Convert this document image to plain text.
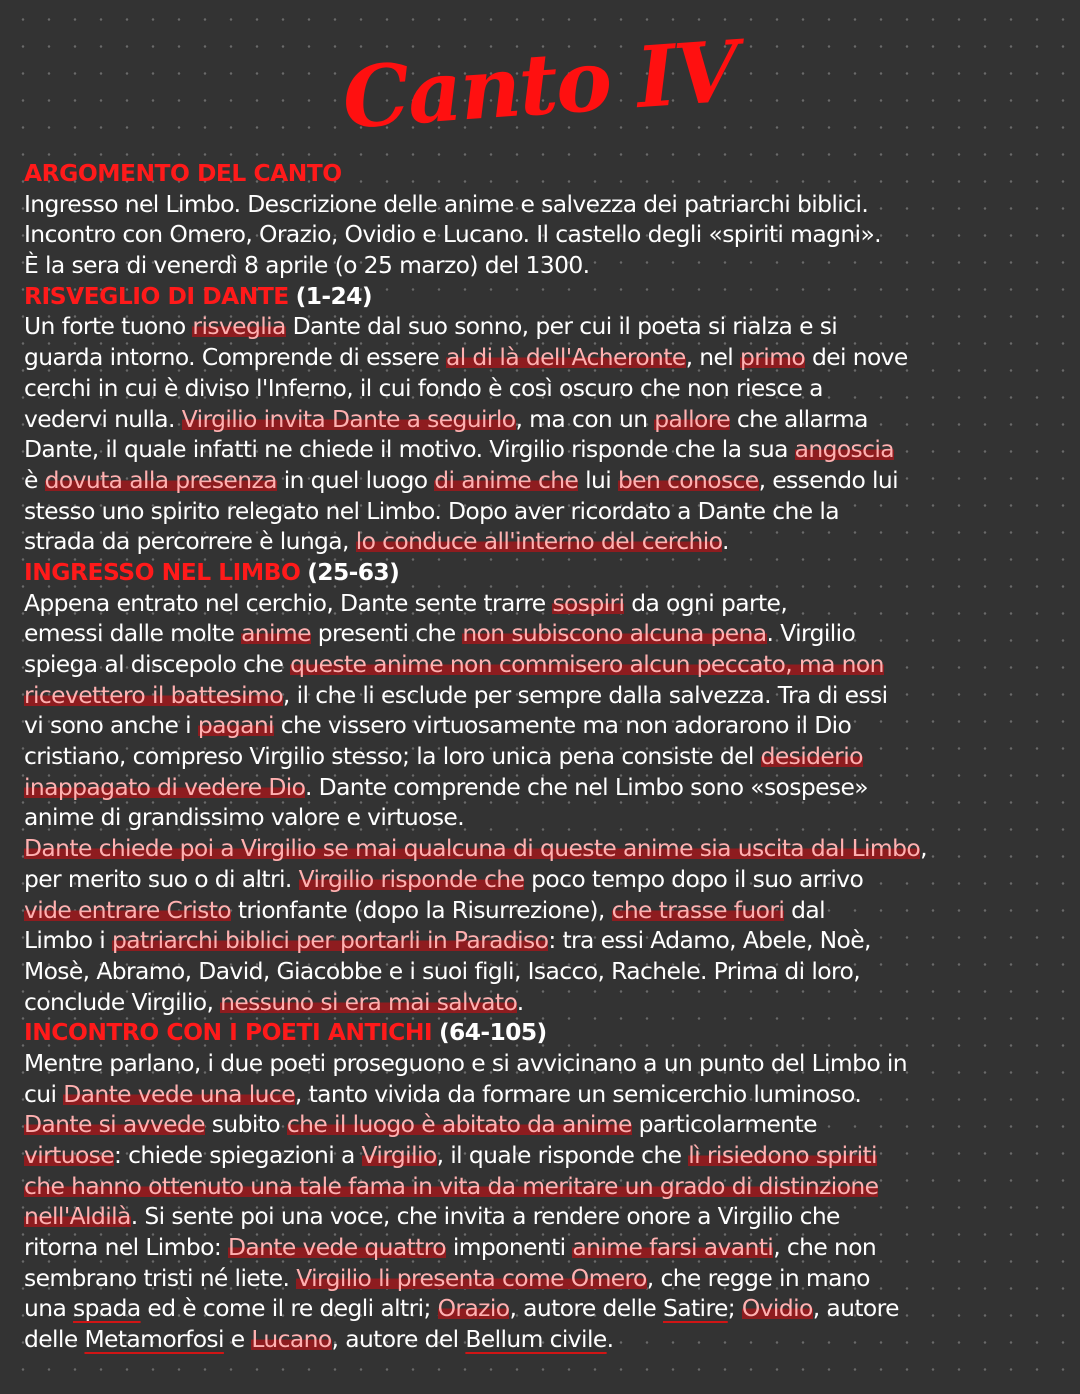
Canto IV
ARGOMENTO DEL CANTO
Ingresso nel Limbo. Descrizione delle anime e salvezza dei patriarchi biblici.
Incontro con Omero, Orazio, Ovidio e Lucano. Il castello degli «spiriti magni».
È la sera di venerdì 8 aprile (o 25 marzo) del 1300.
RISVEGLIO DI DANTE (1-24)
Un forte tuono risveglia Dante dal suo sonno, per cui il poeta si rialza e si
guarda intorno. Comprende di essere al di là dell'Acheronte, nel primo dei nove
cerchi in cui è diviso l'Inferno, il cui fondo è così oscuro che non riesce a
vedervi nulla. Virgilio invita Dante a seguirlo, ma con un pallore che allarma
Dante, il quale infatti ne chiede il motivo. Virgilio risponde che la sua angoscia
è dovuta alla presenza in quel luogo di anime che lui ben conosce, essendo lui
stesso uno spirito relegato nel Limbo. Dopo aver ricordato a Dante che la
strada da percorrere è lunga, lo conduce all'interno del cerchio.
INGRESSO NEL LIMBO (25-63)
Appena entrato nel cerchio, Dante sente trarre sospiri da ogni parte,
emessi dalle molte anime presenti che non subiscono alcuna pena. Virgilio
spiega al discepolo che queste anime non commisero alcun peccato, ma non
ricevettero il battesimo, il che li esclude per sempre dalla salvezza. Tra di essi
vi sono anche i pagani che vissero virtuosamente ma non adorarono il Dio
cristiano, compreso Virgilio stesso; la loro unica pena consiste del desiderio
inappagato di vedere Dio. Dante comprende che nel Limbo sono «sospese»
anime di grandissimo valore e virtuose.
Dante chiede poi a Virgilio se mai qualcuna di queste anime sia uscita dal Limbo,
per merito suo o di altri. Virgilio risponde che poco tempo dopo il suo arrivo
vide entrare Cristo trionfante (dopo la Risurrezione), che trasse fuori dal
Limbo i patriarchi biblici per portarli in Paradiso: tra essi Adamo, Abele, Noè,
Mosè, Abramo, David, Giacobbe e i suoi figli, Isacco, Rachele. Prima di loro,
conclude Virgilio, nessuno si era mai salvato.
INCONTRO CON I POETI ANTICHI (64-105)
Mentre parlano, i due poeti proseguono e si avvicinano a un punto del Limbo in
cui Dante vede una luce, tanto vivida da formare un semicerchio luminoso.
Dante si avvede subito che il luogo è abitato da anime particolarmente
virtuose: chiede spiegazioni a Virgilio, il quale risponde che lì risiedono spiriti
che hanno ottenuto una tale fama in vita da meritare un grado di distinzione
nell'Aldilà. Si sente poi una voce, che invita a rendere onore a Virgilio che
ritorna nel Limbo: Dante vede quattro imponenti anime farsi avanti, che non
sembrano tristi né liete. Virgilio li presenta come Omero, che regge in mano
una spada ed è come il re degli altri; Orazio, autore delle Satire; Ovidio, autore
delle Metamorfosi e Lucano, autore del Bellum civile.
